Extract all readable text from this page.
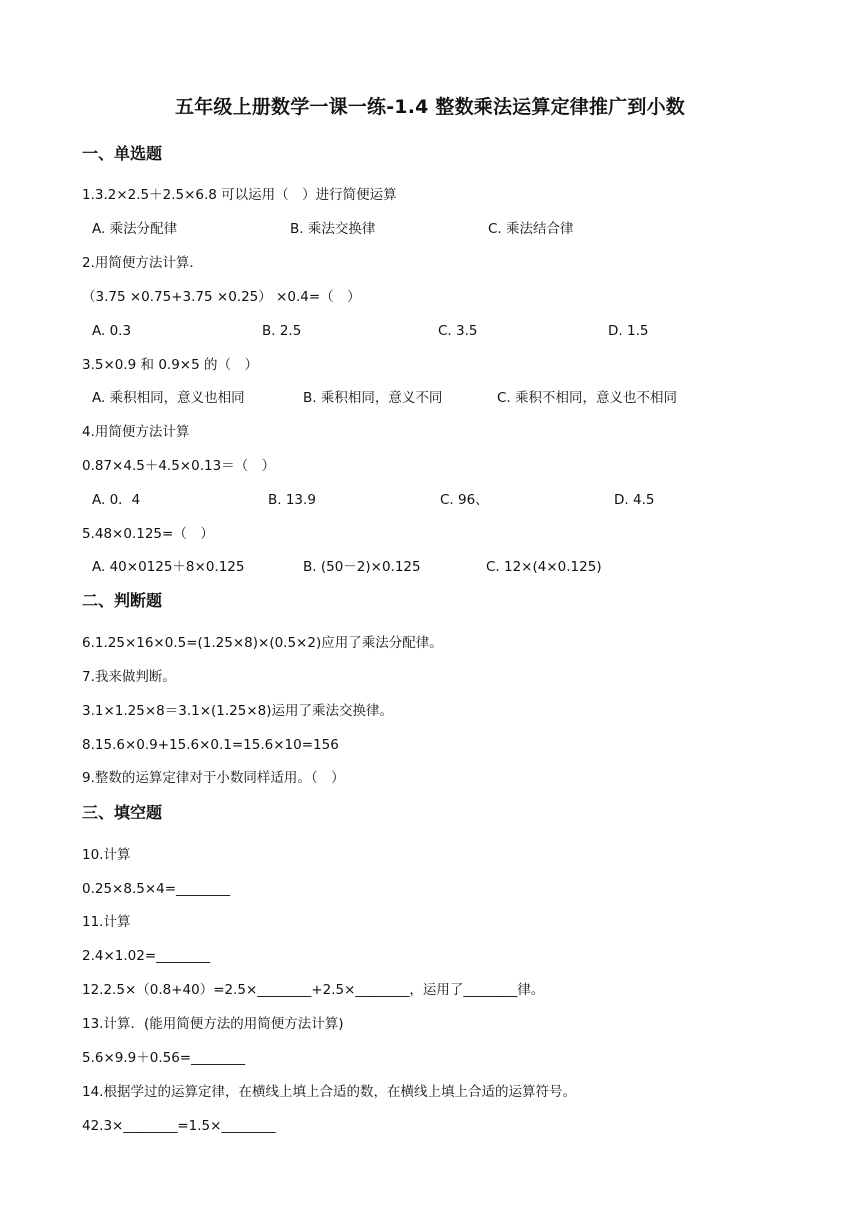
五年级上册数学一课一练-1.4 整数乘法运算定律推广到小数
一、单选题
1.3.2×2.5＋2.5×6.8 可以运用（　）进行简便运算
A. 乘法分配律	B. 乘法交换律	C. 乘法结合律
2.用简便方法计算.
（3.75 ×0.75+3.75 ×0.25） ×0.4=（　）
A. 0.3	B. 2.5	C. 3.5	D. 1.5
3.5×0.9 和 0.9×5 的（　）
A. 乘积相同，意义也相同	B. 乘积相同，意义不同	C. 乘积不相同，意义也不相同
4.用简便方法计算
0.87×4.5＋4.5×0.13＝（　）
A. 0．4	B. 13.9	C. 96、	D. 4.5
5.48×0.125=（　）
A. 40×0125＋8×0.125	B. (50－2)×0.125	C. 12×(4×0.125)
二、判断题
6.1.25×16×0.5=(1.25×8)×(0.5×2)应用了乘法分配律。
7.我来做判断。
3.1×1.25×8＝3.1×(1.25×8)运用了乘法交换律。
8.15.6×0.9+15.6×0.1=15.6×10=156
9.整数的运算定律对于小数同样适用。（　）
三、填空题
10.计算
0.25×8.5×4=________
11.计算
2.4×1.02=________
12.2.5×（0.8+40）=2.5×________+2.5×________，运用了________律。
13.计算．(能用简便方法的用简便方法计算)
5.6×9.9＋0.56=________
14.根据学过的运算定律，在横线上填上合适的数，在横线上填上合适的运算符号。
42.3×________=1.5×________
